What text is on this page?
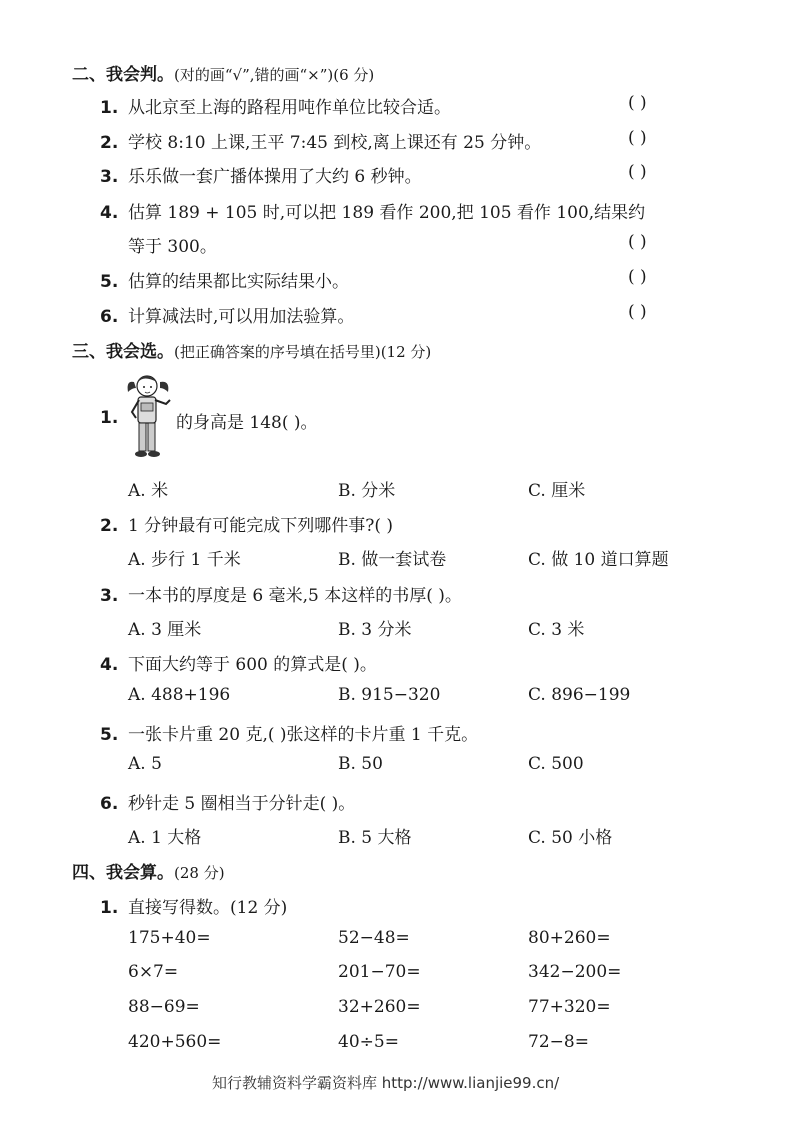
二、我会判。(对的画“√”,错的画“×”)(6 分)
1. 从北京至上海的路程用吨作单位比较合适。	( )
2. 学校 8:10 上课,王平 7:45 到校,离上课还有 25 分钟。	( )
3. 乐乐做一套广播体操用了大约 6 秒钟。	( )
4. 估算 189 + 105 时,可以把 189 看作 200,把 105 看作 100,结果约
等于 300。	( )
5. 估算的结果都比实际结果小。	( )
6. 计算减法时,可以用加法验算。	( )
三、我会选。(把正确答案的序号填在括号里)(12 分)
1.	的身高是 148( )。
A. 米	B. 分米	C. 厘米
2. 1 分钟最有可能完成下列哪件事?( )
A. 步行 1 千米	B. 做一套试卷	C. 做 10 道口算题
3. 一本书的厚度是 6 毫米,5 本这样的书厚( )。
A. 3 厘米	B. 3 分米	C. 3 米
4. 下面大约等于 600 的算式是( )。
A. 488+196	B. 915−320	C. 896−199
5. 一张卡片重 20 克,( )张这样的卡片重 1 千克。
A. 5	B. 50	C. 500
6. 秒针走 5 圈相当于分针走( )。
A. 1 大格	B. 5 大格	C. 50 小格
四、我会算。(28 分)
1. 直接写得数。(12 分)
175+40=	52−48=	80+260=
6×7=	201−70=	342−200=
88−69=	32+260=	77+320=
420+560=	40÷5=	72−8=
知行教辅资料学霸资料库 http://www.lianjie99.cn/
